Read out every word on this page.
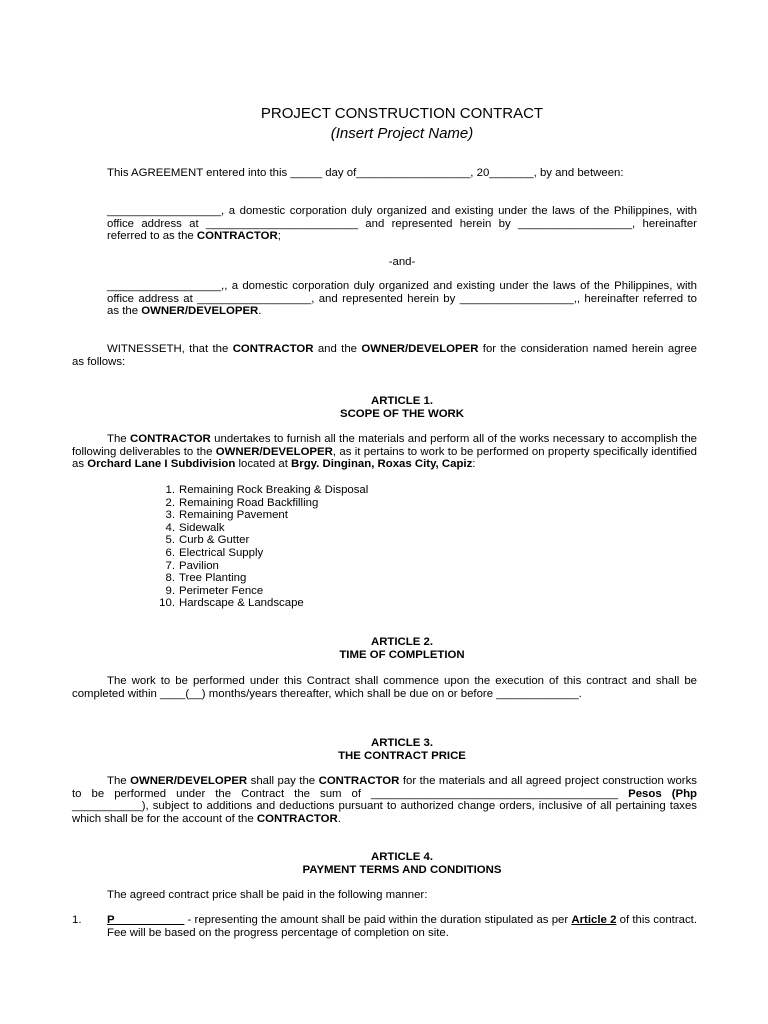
PROJECT CONSTRUCTION CONTRACT
(Insert Project Name)
This AGREEMENT entered into this _____ day of__________________, 20_______, by and between:
__________________, a domestic corporation duly organized and existing under the laws of the Philippines, with office address at ________________________ and represented herein by __________________, hereinafter referred to as the CONTRACTOR;
-and-
__________________,, a domestic corporation duly organized and existing under the laws of the Philippines, with office address at __________________, and represented herein by __________________,, hereinafter referred to as the OWNER/DEVELOPER.
WITNESSETH, that the CONTRACTOR and the OWNER/DEVELOPER for the consideration named herein agree as follows:
ARTICLE 1.
SCOPE OF THE WORK
The CONTRACTOR undertakes to furnish all the materials and perform all of the works necessary to accomplish the following deliverables to the OWNER/DEVELOPER, as it pertains to work to be performed on property specifically identified as Orchard Lane I Subdivision located at Brgy. Dinginan, Roxas City, Capiz:
1. Remaining Rock Breaking & Disposal
2. Remaining Road Backfilling
3. Remaining Pavement
4. Sidewalk
5. Curb & Gutter
6. Electrical Supply
7. Pavilion
8. Tree Planting
9. Perimeter Fence
10. Hardscape & Landscape
ARTICLE 2.
TIME OF COMPLETION
The work to be performed under this Contract shall commence upon the execution of this contract and shall be completed within ____(__) months/years thereafter, which shall be due on or before _____________.
ARTICLE 3.
THE CONTRACT PRICE
The OWNER/DEVELOPER shall pay the CONTRACTOR for the materials and all agreed project construction works to be performed under the Contract the sum of _______________________________________ Pesos (Php ___________), subject to additions and deductions pursuant to authorized change orders, inclusive of all pertaining taxes which shall be for the account of the CONTRACTOR.
ARTICLE 4.
PAYMENT TERMS AND CONDITIONS
The agreed contract price shall be paid in the following manner:
1. P___________ - representing the amount shall be paid within the duration stipulated as per Article 2 of this contract. Fee will be based on the progress percentage of completion on site.
